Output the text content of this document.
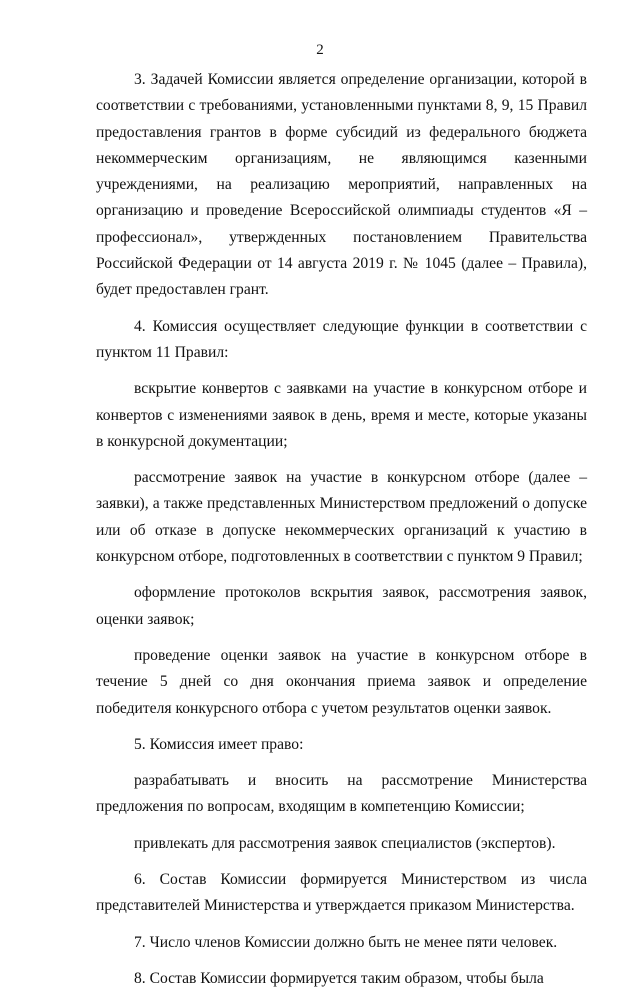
2

3. Задачей Комиссии является определение организации, которой в соответствии с требованиями, установленными пунктами 8, 9, 15 Правил предоставления грантов в форме субсидий из федерального бюджета некоммерческим организациям, не являющимся казенными учреждениями, на реализацию мероприятий, направленных на организацию и проведение Всероссийской олимпиады студентов «Я – профессионал», утвержденных постановлением Правительства Российской Федерации от 14 августа 2019 г. № 1045 (далее – Правила), будет предоставлен грант.

4. Комиссия осуществляет следующие функции в соответствии с пунктом 11 Правил:

вскрытие конвертов с заявками на участие в конкурсном отборе и конвертов с изменениями заявок в день, время и месте, которые указаны в конкурсной документации;

рассмотрение заявок на участие в конкурсном отборе (далее – заявки), а также представленных Министерством предложений о допуске или об отказе в допуске некоммерческих организаций к участию в конкурсном отборе, подготовленных в соответствии с пунктом 9 Правил;

оформление протоколов вскрытия заявок, рассмотрения заявок, оценки заявок;

проведение оценки заявок на участие в конкурсном отборе в течение 5 дней со дня окончания приема заявок и определение победителя конкурсного отбора с учетом результатов оценки заявок.

5. Комиссия имеет право:

разрабатывать и вносить на рассмотрение Министерства предложения по вопросам, входящим в компетенцию Комиссии;

привлекать для рассмотрения заявок специалистов (экспертов).

6. Состав Комиссии формируется Министерством из числа представителей Министерства и утверждается приказом Министерства.

7. Число членов Комиссии должно быть не менее пяти человек.

8. Состав Комиссии формируется таким образом, чтобы была
